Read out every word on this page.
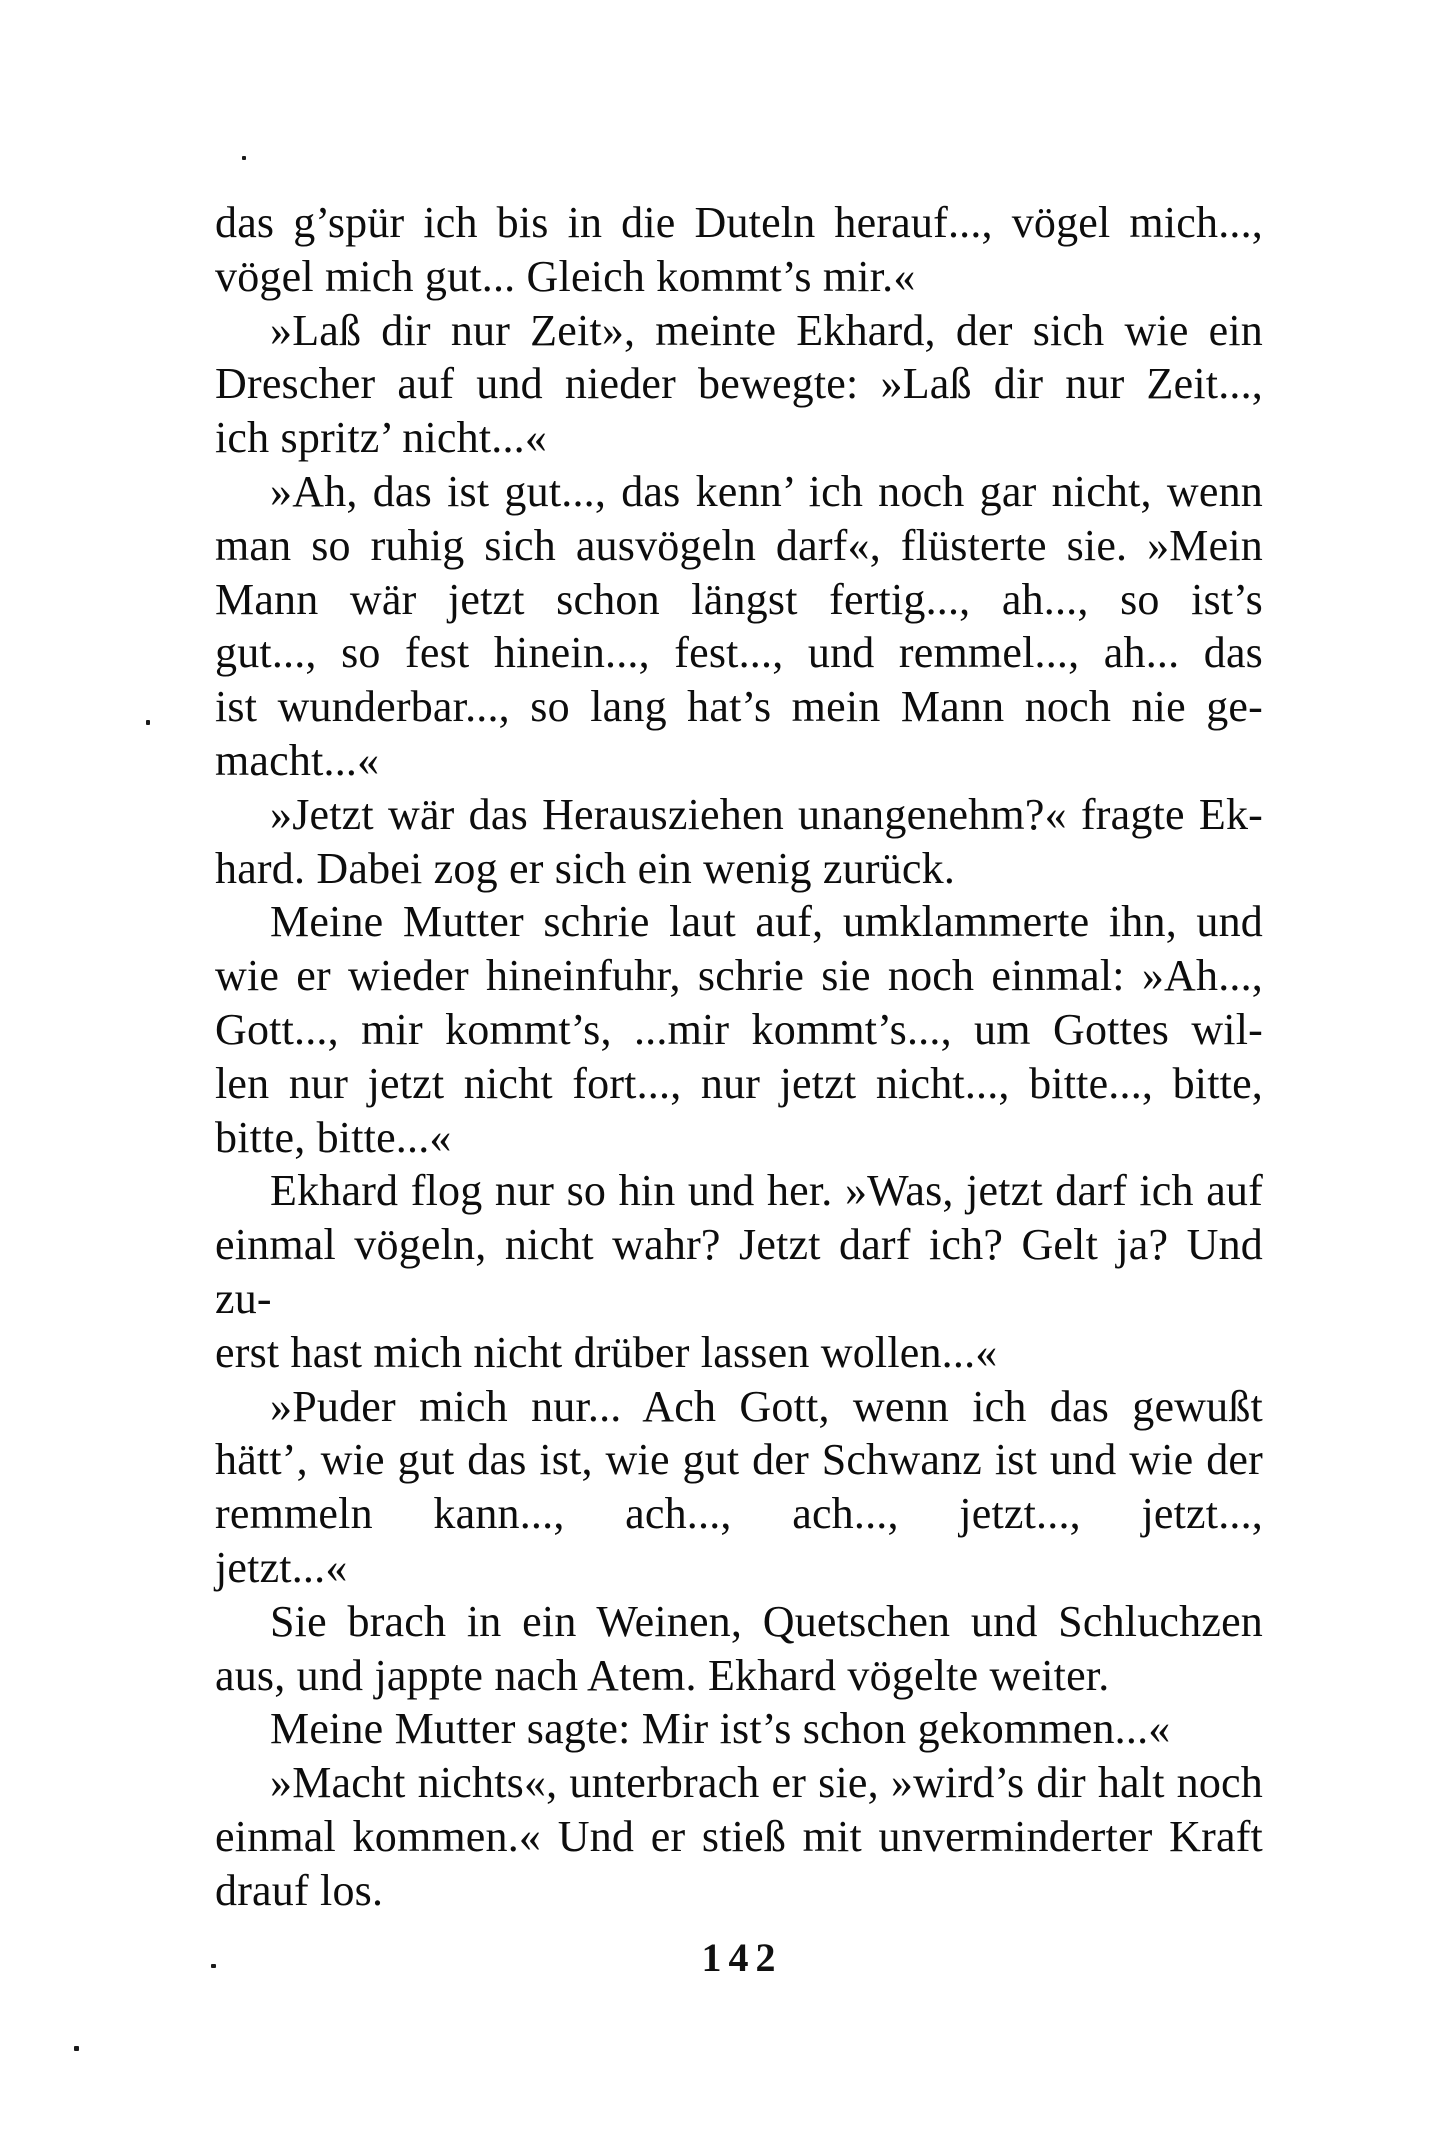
das g’spür ich bis in die Duteln herauf..., vögel mich...,
vögel mich gut... Gleich kommt’s mir.«
»Laß dir nur Zeit», meinte Ekhard, der sich wie ein
Drescher auf und nieder bewegte: »Laß dir nur Zeit...,
ich spritz’ nicht...«
»Ah, das ist gut..., das kenn’ ich noch gar nicht, wenn
man so ruhig sich ausvögeln darf«, flüsterte sie. »Mein
Mann wär jetzt schon längst fertig..., ah..., so ist’s
gut..., so fest hinein..., fest..., und remmel..., ah... das
ist wunderbar..., so lang hat’s mein Mann noch nie ge-
macht...«
»Jetzt wär das Herausziehen unangenehm?« fragte Ek-
hard. Dabei zog er sich ein wenig zurück.
Meine Mutter schrie laut auf, umklammerte ihn, und
wie er wieder hineinfuhr, schrie sie noch einmal: »Ah...,
Gott..., mir kommt’s, ...mir kommt’s..., um Gottes wil-
len nur jetzt nicht fort..., nur jetzt nicht..., bitte..., bitte,
bitte, bitte...«
Ekhard flog nur so hin und her. »Was, jetzt darf ich auf
einmal vögeln, nicht wahr? Jetzt darf ich? Gelt ja? Und zu-
erst hast mich nicht drüber lassen wollen...«
»Puder mich nur... Ach Gott, wenn ich das gewußt
hätt’, wie gut das ist, wie gut der Schwanz ist und wie der
remmeln kann..., ach..., ach..., jetzt..., jetzt...,
jetzt...«
Sie brach in ein Weinen, Quetschen und Schluchzen
aus, und jappte nach Atem. Ekhard vögelte weiter.
Meine Mutter sagte: Mir ist’s schon gekommen...«
»Macht nichts«, unterbrach er sie, »wird’s dir halt noch
einmal kommen.« Und er stieß mit unverminderter Kraft
drauf los.
142
